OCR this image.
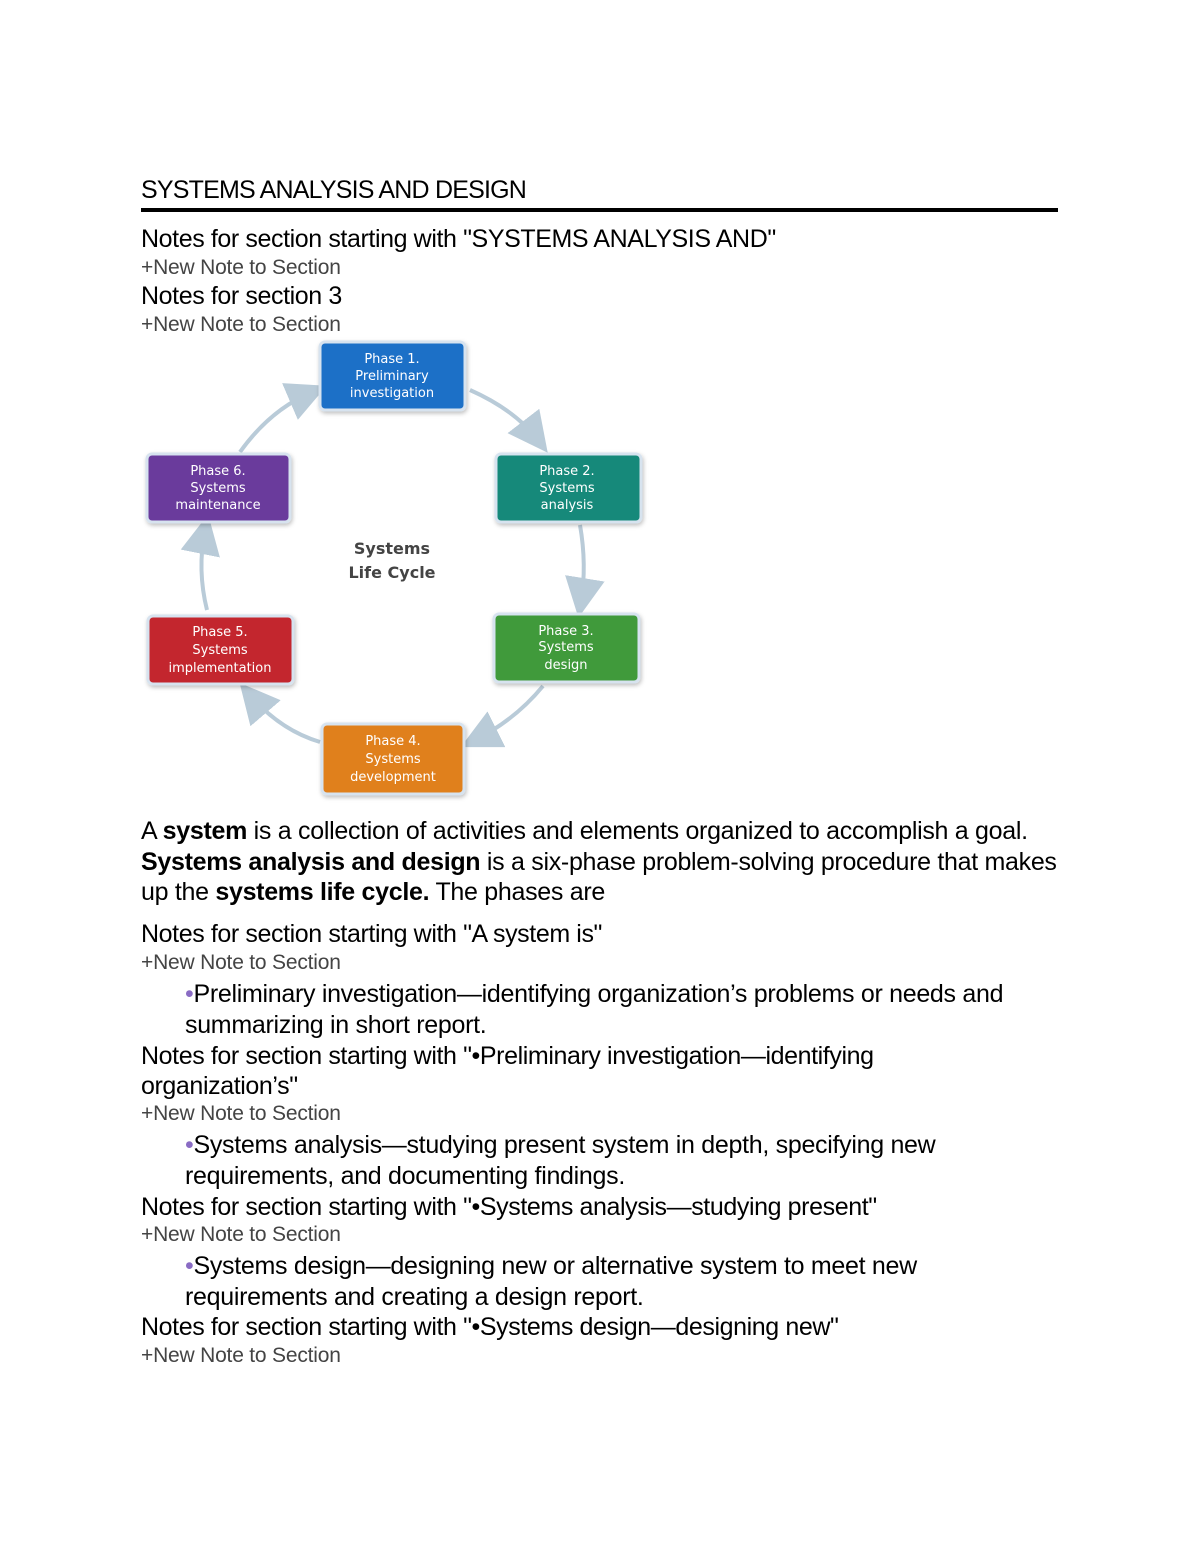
SYSTEMS ANALYSIS AND DESIGN
Notes for section starting with "SYSTEMS ANALYSIS AND"
+New Note to Section
Notes for section 3
+New Note to Section
Systems
Life Cycle
Phase 1.
Preliminary
investigation
Phase 2.
Systems
analysis
Phase 3.
Systems
design
Phase 4.
Systems
development
Phase 5.
Systems
implementation
Phase 6.
Systems
maintenance
A system is a collection of activities and elements organized to accomplish a goal. Systems analysis and design is a six-phase problem-solving procedure that makes up the systems life cycle. The phases are
Notes for section starting with "A system is"
+New Note to Section
•Preliminary investigation—identifying organization’s problems or needs and summarizing in short report.
Notes for section starting with "•Preliminary investigation—identifying organization’s"
+New Note to Section
•Systems analysis—studying present system in depth, specifying new requirements, and documenting findings.
Notes for section starting with "•Systems analysis—studying present"
+New Note to Section
•Systems design—designing new or alternative system to meet new requirements and creating a design report.
Notes for section starting with "•Systems design—designing new"
+New Note to Section
